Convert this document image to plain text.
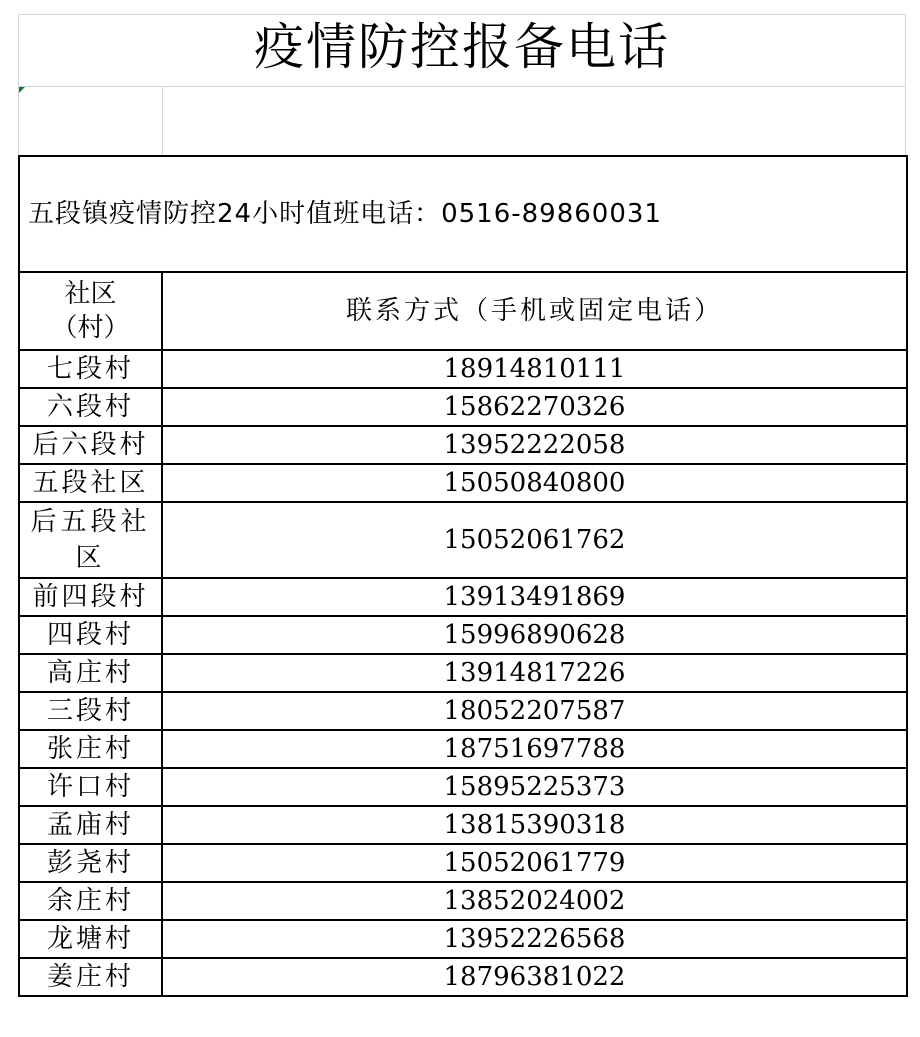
疫情防控报备电话
五段镇疫情防控24小时值班电话：0516-89860031	
社区（村）	联系方式（手机或固定电话）
七段村	18914810111
六段村	15862270326
后六段村	13952222058
五段社区	15050840800
后五段社区	15052061762
前四段村	13913491869
四段村	15996890628
高庄村	13914817226
三段村	18052207587
张庄村	18751697788
许口村	15895225373
孟庙村	13815390318
彭尧村	15052061779
余庄村	13852024002
龙塘村	13952226568
姜庄村	18796381022
